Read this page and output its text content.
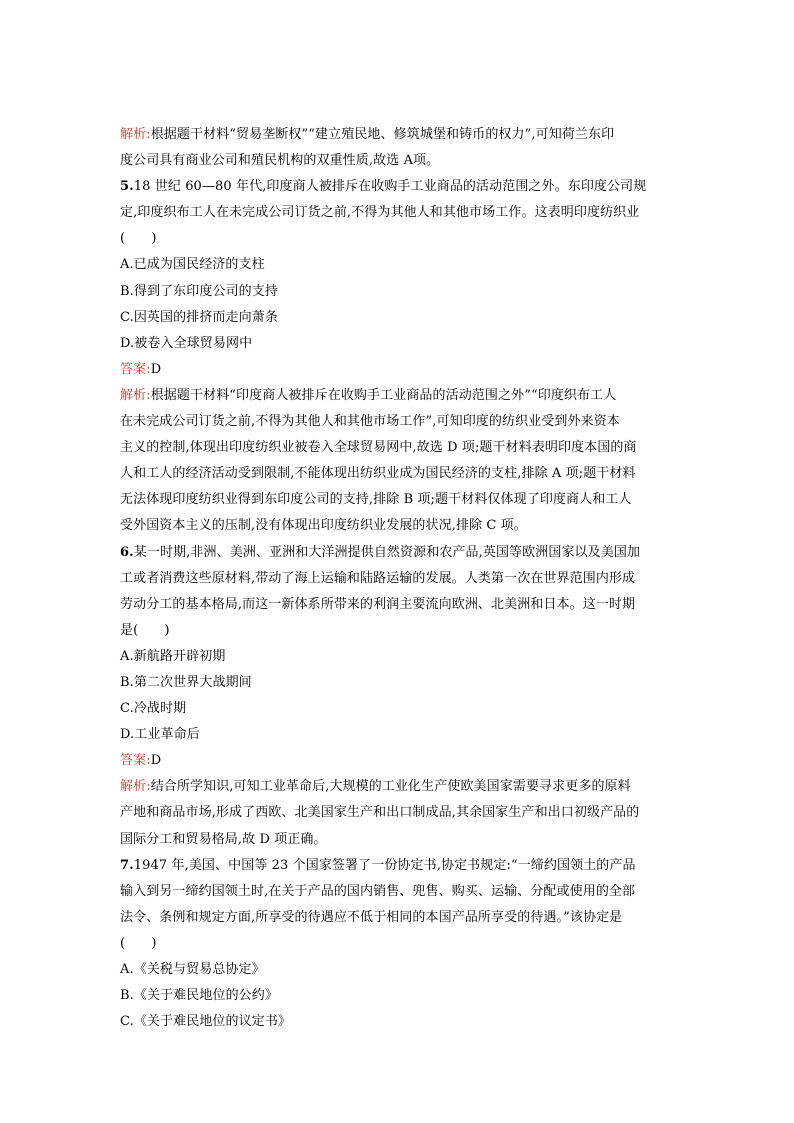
解析:根据题干材料“贸易垄断权”“建立殖民地、修筑城堡和铸币的权力”,可知荷兰东印
度公司具有商业公司和殖民机构的双重性质,故选 A项。
5.18 世纪 60—80 年代,印度商人被排斥在收购手工业商品的活动范围之外。东印度公司规
定,印度织布工人在未完成公司订货之前,不得为其他人和其他市场工作。这表明印度纺织业
(　　)
A.已成为国民经济的支柱
B.得到了东印度公司的支持
C.因英国的排挤而走向萧条
D.被卷入全球贸易网中
答案:D
解析:根据题干材料“印度商人被排斥在收购手工业商品的活动范围之外”“印度织布工人
在未完成公司订货之前,不得为其他人和其他市场工作”,可知印度的纺织业受到外来资本
主义的控制,体现出印度纺织业被卷入全球贸易网中,故选 D 项;题干材料表明印度本国的商
人和工人的经济活动受到限制,不能体现出纺织业成为国民经济的支柱,排除 A 项;题干材料
无法体现印度纺织业得到东印度公司的支持,排除 B 项;题干材料仅体现了印度商人和工人
受外国资本主义的压制,没有体现出印度纺织业发展的状况,排除 C 项。
6.某一时期,非洲、美洲、亚洲和大洋洲提供自然资源和农产品,英国等欧洲国家以及美国加
工或者消费这些原材料,带动了海上运输和陆路运输的发展。人类第一次在世界范围内形成
劳动分工的基本格局,而这一新体系所带来的利润主要流向欧洲、北美洲和日本。这一时期
是(　　)
A.新航路开辟初期
B.第二次世界大战期间
C.冷战时期
D.工业革命后
答案:D
解析:结合所学知识,可知工业革命后,大规模的工业化生产使欧美国家需要寻求更多的原料
产地和商品市场,形成了西欧、北美国家生产和出口制成品,其余国家生产和出口初级产品的
国际分工和贸易格局,故 D 项正确。
7.1947 年,美国、中国等 23 个国家签署了一份协定书,协定书规定:“一缔约国领土的产品
输入到另一缔约国领土时,在关于产品的国内销售、兜售、购买、运输、分配或使用的全部
法令、条例和规定方面,所享受的待遇应不低于相同的本国产品所享受的待遇。”该协定是
(　　)
A.《关税与贸易总协定》
B.《关于难民地位的公约》
C.《关于难民地位的议定书》
